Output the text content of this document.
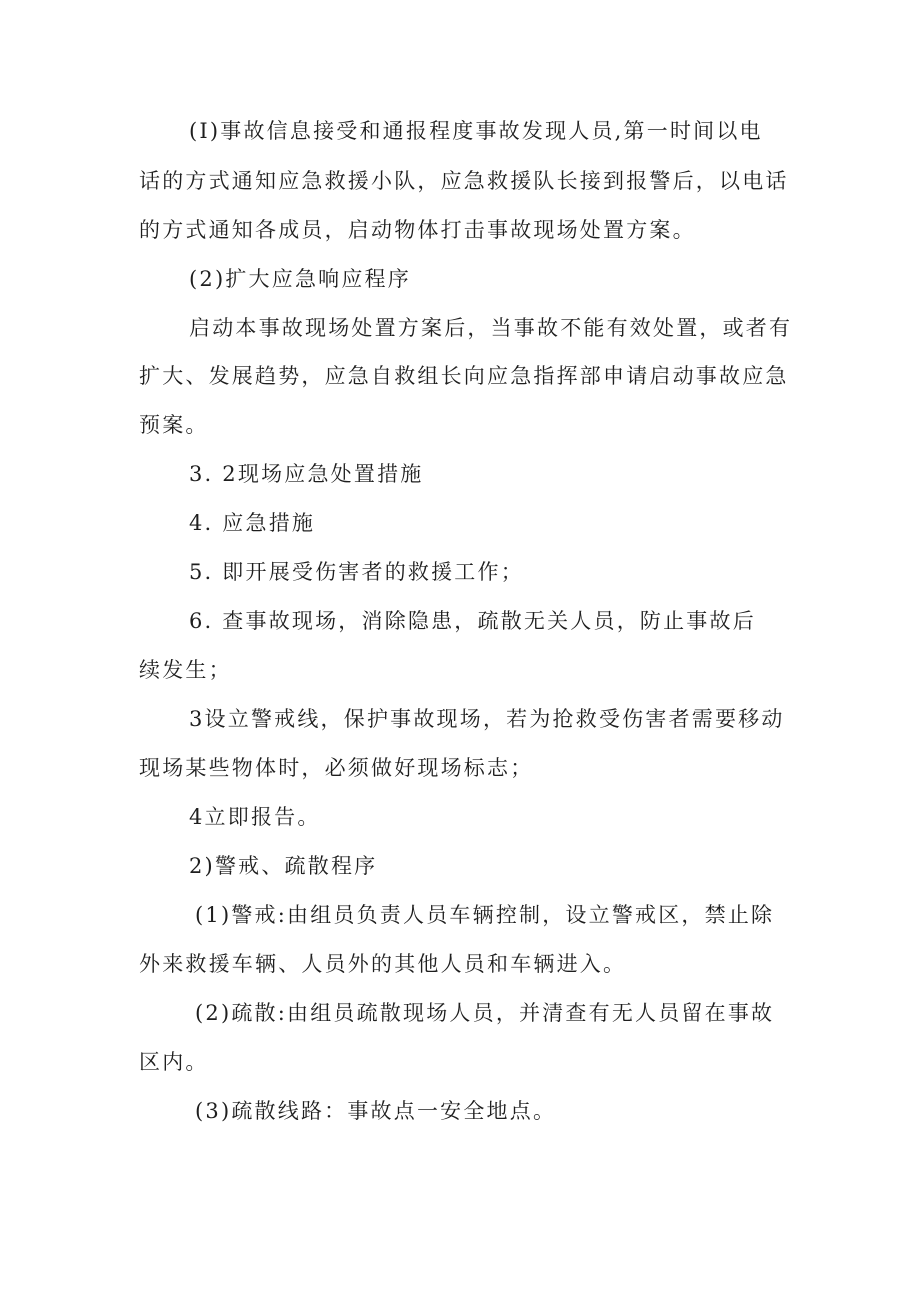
(I)事故信息接受和通报程度事故发现人员,第一时间以电
话的方式通知应急救援小队，应急救援队长接到报警后，以电话
的方式通知各成员，启动物体打击事故现场处置方案。
(2)扩大应急响应程序
启动本事故现场处置方案后，当事故不能有效处置，或者有
扩大、发展趋势，应急自救组长向应急指挥部申请启动事故应急
预案。
3. 2现场应急处置措施
4. 应急措施
5. 即开展受伤害者的救援工作；
6. 查事故现场，消除隐患，疏散无关人员，防止事故后
续发生；
3设立警戒线，保护事故现场，若为抢救受伤害者需要移动
现场某些物体时，必须做好现场标志；
4立即报告。
2)警戒、疏散程序
(1)警戒:由组员负责人员车辆控制，设立警戒区，禁止除
外来救援车辆、人员外的其他人员和车辆进入。
(2)疏散:由组员疏散现场人员，并清查有无人员留在事故
区内。
(3)疏散线路：事故点一安全地点。
